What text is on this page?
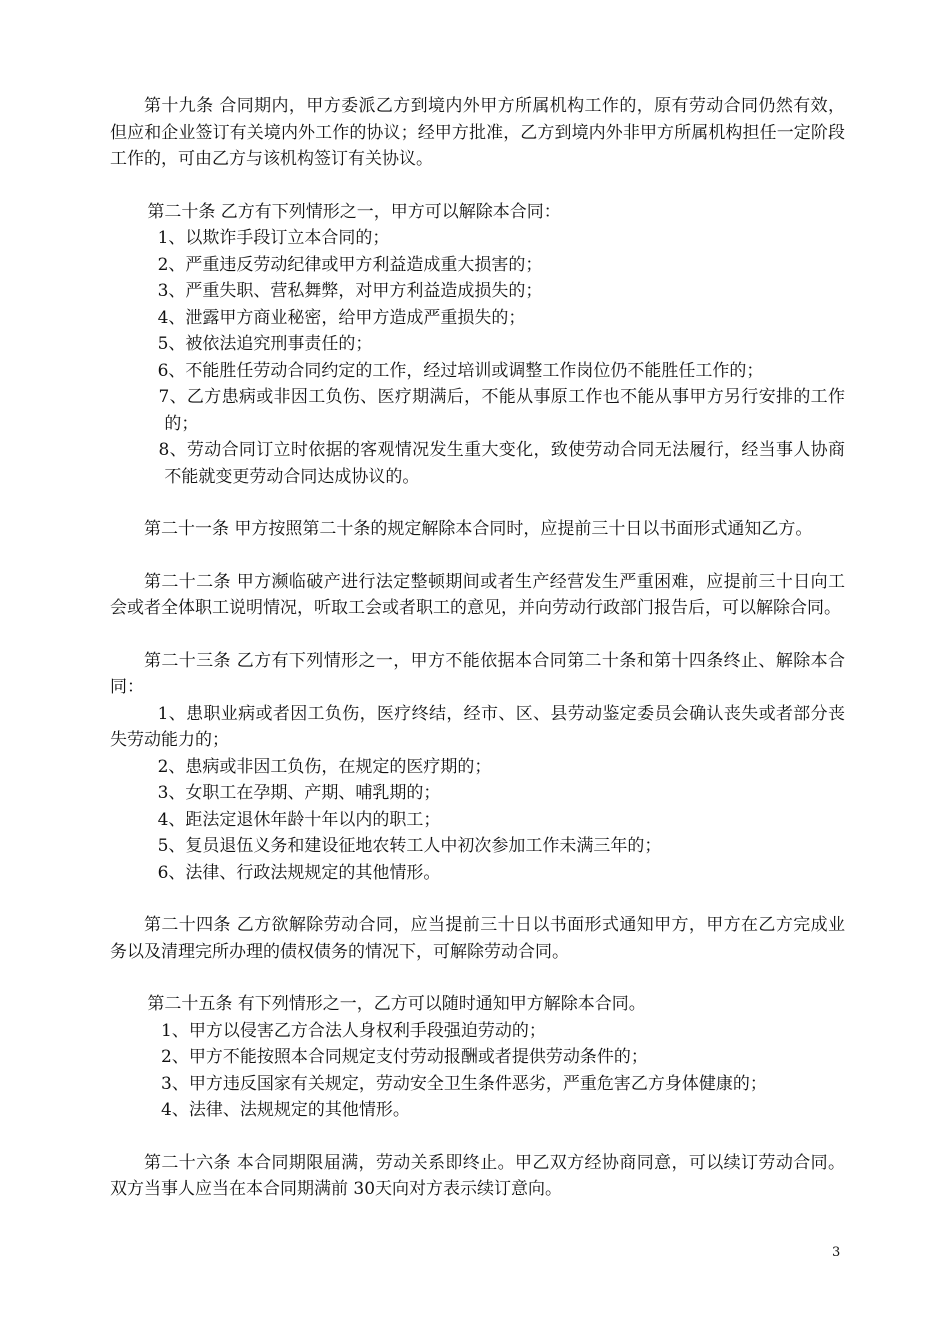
第十九条 合同期内，甲方委派乙方到境内外甲方所属机构工作的，原有劳动合同仍然有效，但应和企业签订有关境内外工作的协议；经甲方批准，乙方到境内外非甲方所属机构担任一定阶段工作的，可由乙方与该机构签订有关协议。

第二十条 乙方有下列情形之一，甲方可以解除本合同：

1、以欺诈手段订立本合同的；

2、严重违反劳动纪律或甲方利益造成重大损害的；

3、严重失职、营私舞弊，对甲方利益造成损失的；

4、泄露甲方商业秘密，给甲方造成严重损失的；

5、被依法追究刑事责任的；

6、不能胜任劳动合同约定的工作，经过培训或调整工作岗位仍不能胜任工作的；

7、乙方患病或非因工负伤、医疗期满后，不能从事原工作也不能从事甲方另行安排的工作的；

8、劳动合同订立时依据的客观情况发生重大变化，致使劳动合同无法履行，经当事人协商不能就变更劳动合同达成协议的。

第二十一条 甲方按照第二十条的规定解除本合同时，应提前三十日以书面形式通知乙方。

第二十二条 甲方濒临破产进行法定整顿期间或者生产经营发生严重困难，应提前三十日向工会或者全体职工说明情况，听取工会或者职工的意见，并向劳动行政部门报告后，可以解除合同。

第二十三条 乙方有下列情形之一，甲方不能依据本合同第二十条和第十四条终止、解除本合同：

1、患职业病或者因工负伤，医疗终结，经市、区、县劳动鉴定委员会确认丧失或者部分丧失劳动能力的；

2、患病或非因工负伤，在规定的医疗期的；

3、女职工在孕期、产期、哺乳期的；

4、距法定退休年龄十年以内的职工；

5、复员退伍义务和建设征地农转工人中初次参加工作未满三年的；

6、法律、行政法规规定的其他情形。

第二十四条 乙方欲解除劳动合同，应当提前三十日以书面形式通知甲方，甲方在乙方完成业务以及清理完所办理的债权债务的情况下，可解除劳动合同。

第二十五条 有下列情形之一，乙方可以随时通知甲方解除本合同。

1、甲方以侵害乙方合法人身权利手段强迫劳动的；

2、甲方不能按照本合同规定支付劳动报酬或者提供劳动条件的；

3、甲方违反国家有关规定，劳动安全卫生条件恶劣，严重危害乙方身体健康的；

4、法律、法规规定的其他情形。

第二十六条 本合同期限届满，劳动关系即终止。甲乙双方经协商同意，可以续订劳动合同。双方当事人应当在本合同期满前 30天向对方表示续订意向。

3
